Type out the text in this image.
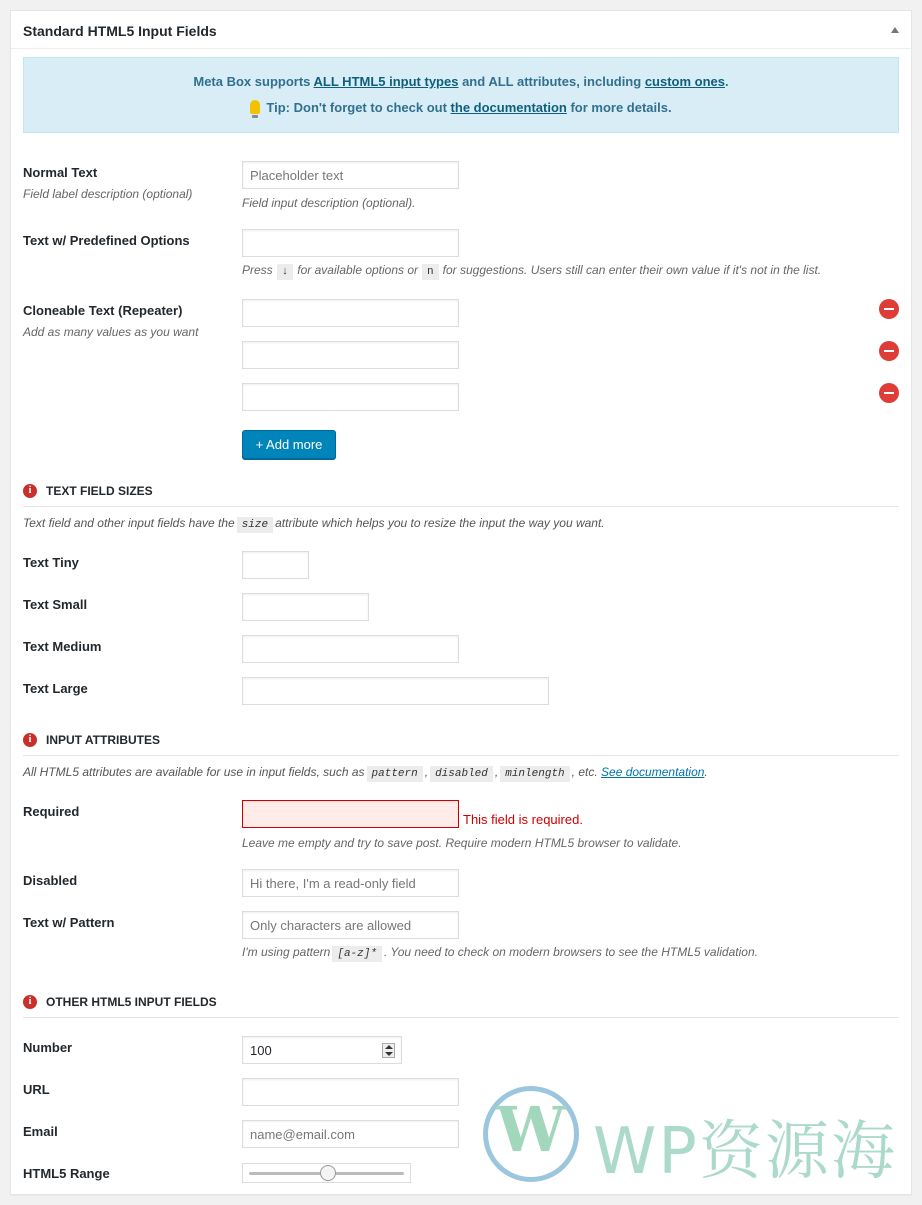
Standard HTML5 Input Fields
Meta Box supports ALL HTML5 input types and ALL attributes, including custom ones.
Tip: Don't forget to check out the documentation for more details.
Normal Text
Field label description (optional)
Placeholder text
Field input description (optional).
Text w/ Predefined Options
Press ↓ for available options or n for suggestions. Users still can enter their own value if it's not in the list.
Cloneable Text (Repeater)
Add as many values as you want
+ Add more
i	TEXT FIELD SIZES
Text field and other input fields have the size attribute which helps you to resize the input the way you want.
Text Tiny
Text Small
Text Medium
Text Large
i	INPUT ATTRIBUTES
All HTML5 attributes are available for use in input fields, such as pattern , disabled , minlength , etc. See documentation.
Required
This field is required.
Leave me empty and try to save post. Require modern HTML5 browser to validate.
Disabled	Hi there, I'm a read-only field
Text w/ Pattern	Only characters are allowed
I'm using pattern [a-z]* . You need to check on modern browsers to see the HTML5 validation.
i	OTHER HTML5 INPUT FIELDS
Number	100
URL
Email	name@email.com
HTML5 Range
W	WP资源海
